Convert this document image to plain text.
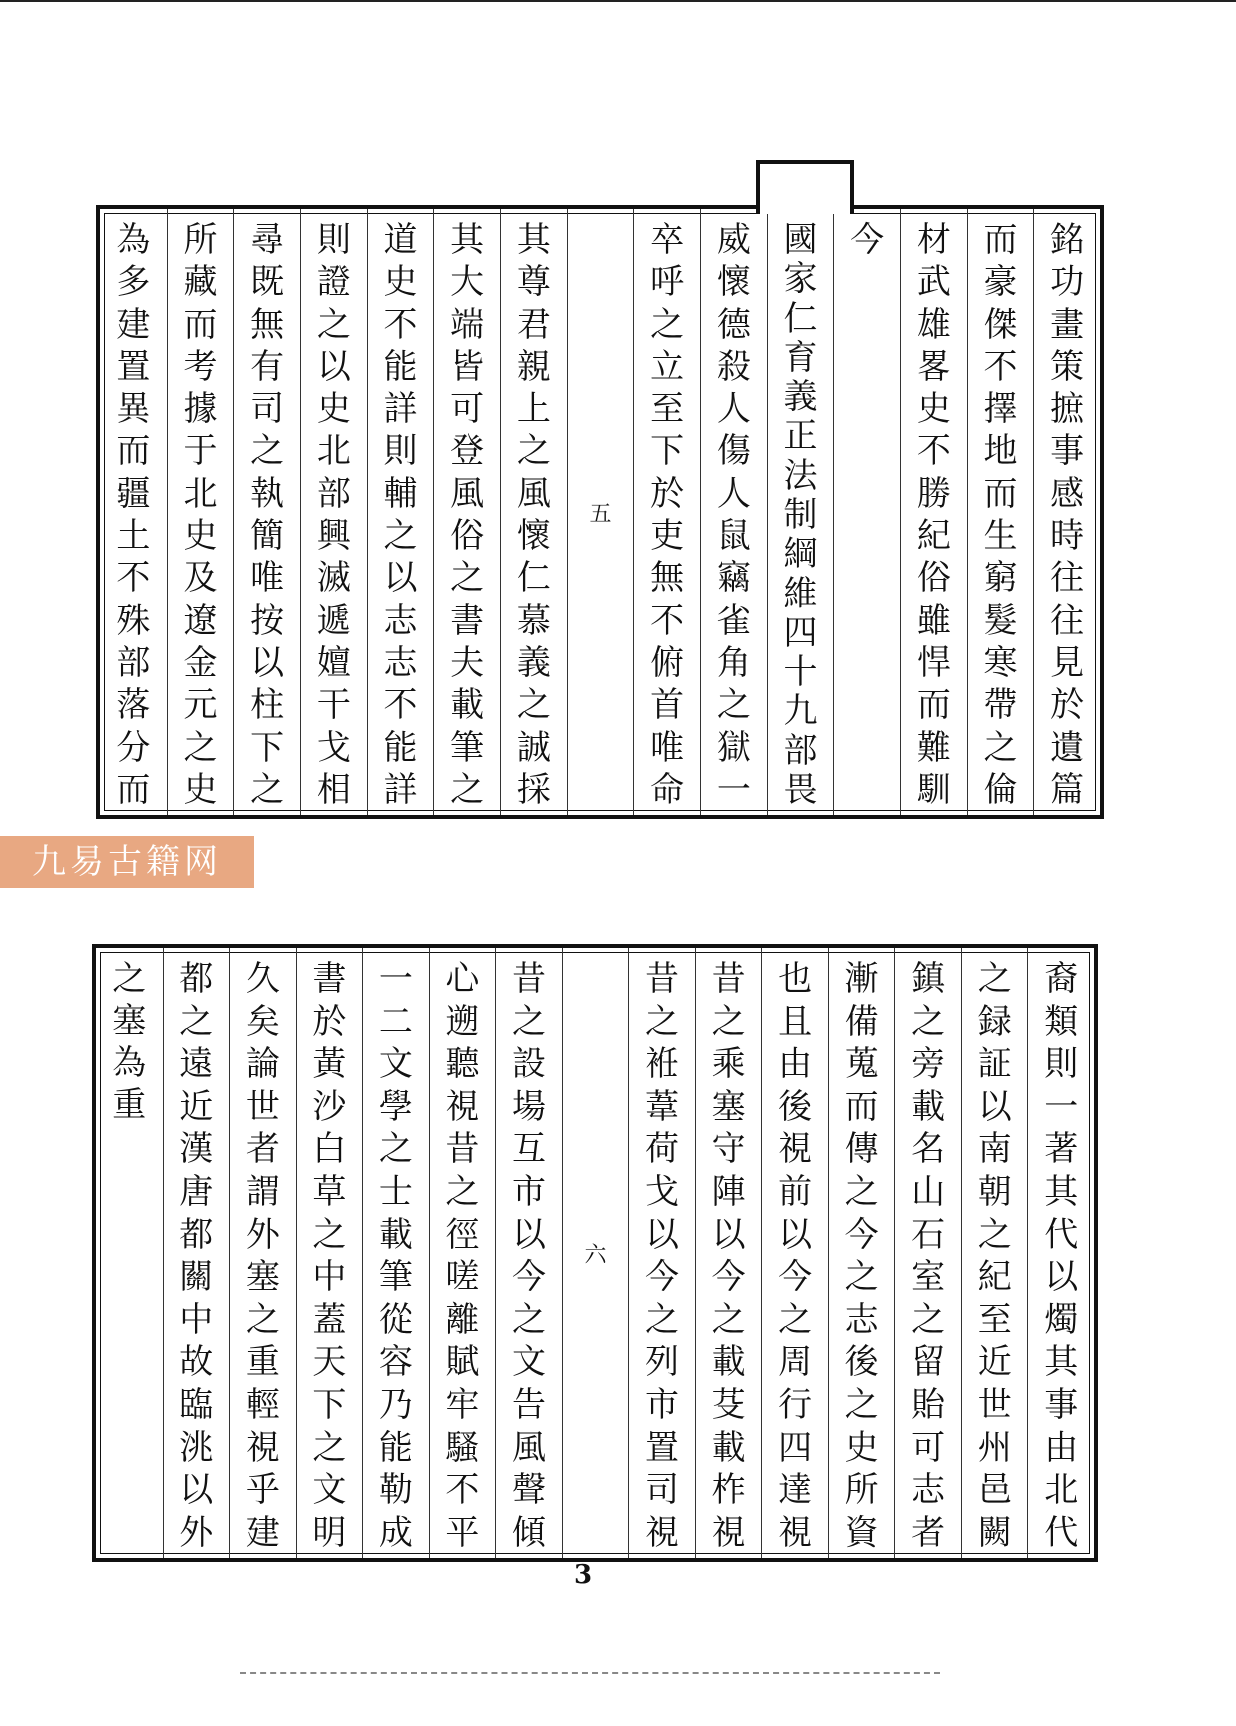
銘
功
畫
策
摭
事
感
時
往
往
見
於
遺
篇
而
豪
傑
不
擇
地
而
生
窮
髮
寒
帶
之
倫
材
武
雄
畧
史
不
勝
紀
俗
雖
悍
而
難
馴
今
國
家
仁
育
義
正
法
制
綱
維
四
十
九
部
畏
威
懷
德
殺
人
傷
人
鼠
竊
雀
角
之
獄
一
卒
呼
之
立
至
下
於
吏
無
不
俯
首
唯
命
五
其
尊
君
親
上
之
風
懷
仁
慕
義
之
誠
採
其
大
端
皆
可
登
風
俗
之
書
夫
載
筆
之
道
史
不
能
詳
則
輔
之
以
志
志
不
能
詳
則
證
之
以
史
北
部
興
滅
遞
嬗
干
戈
相
尋
既
無
有
司
之
執
簡
唯
按
以
柱
下
之
所
藏
而
考
據
于
北
史
及
遼
金
元
之
史
為
多
建
置
異
而
疆
土
不
殊
部
落
分
而
裔
類
則
一
著
其
代
以
燭
其
事
由
北
代
之
録
証
以
南
朝
之
紀
至
近
世
州
邑
闕
鎮
之
旁
載
名
山
石
室
之
留
貽
可
志
者
漸
備
蒐
而
傳
之
今
之
志
後
之
史
所
資
也
且
由
後
視
前
以
今
之
周
行
四
達
視
昔
之
乘
塞
守
陣
以
今
之
載
芟
載
柞
視
昔
之
袵
葦
荷
戈
以
今
之
列
市
置
司
視
六
昔
之
設
場
互
市
以
今
之
文
告
風
聲
傾
心
遡
聽
視
昔
之
徑
嗟
離
賦
牢
騷
不
平
一
二
文
學
之
士
載
筆
從
容
乃
能
勒
成
書
於
黃
沙
白
草
之
中
蓋
天
下
之
文
明
久
矣
論
世
者
謂
外
塞
之
重
輕
視
乎
建
都
之
遠
近
漢
唐
都
關
中
故
臨
洮
以
外
之
塞
為
重
九易古籍网
3
